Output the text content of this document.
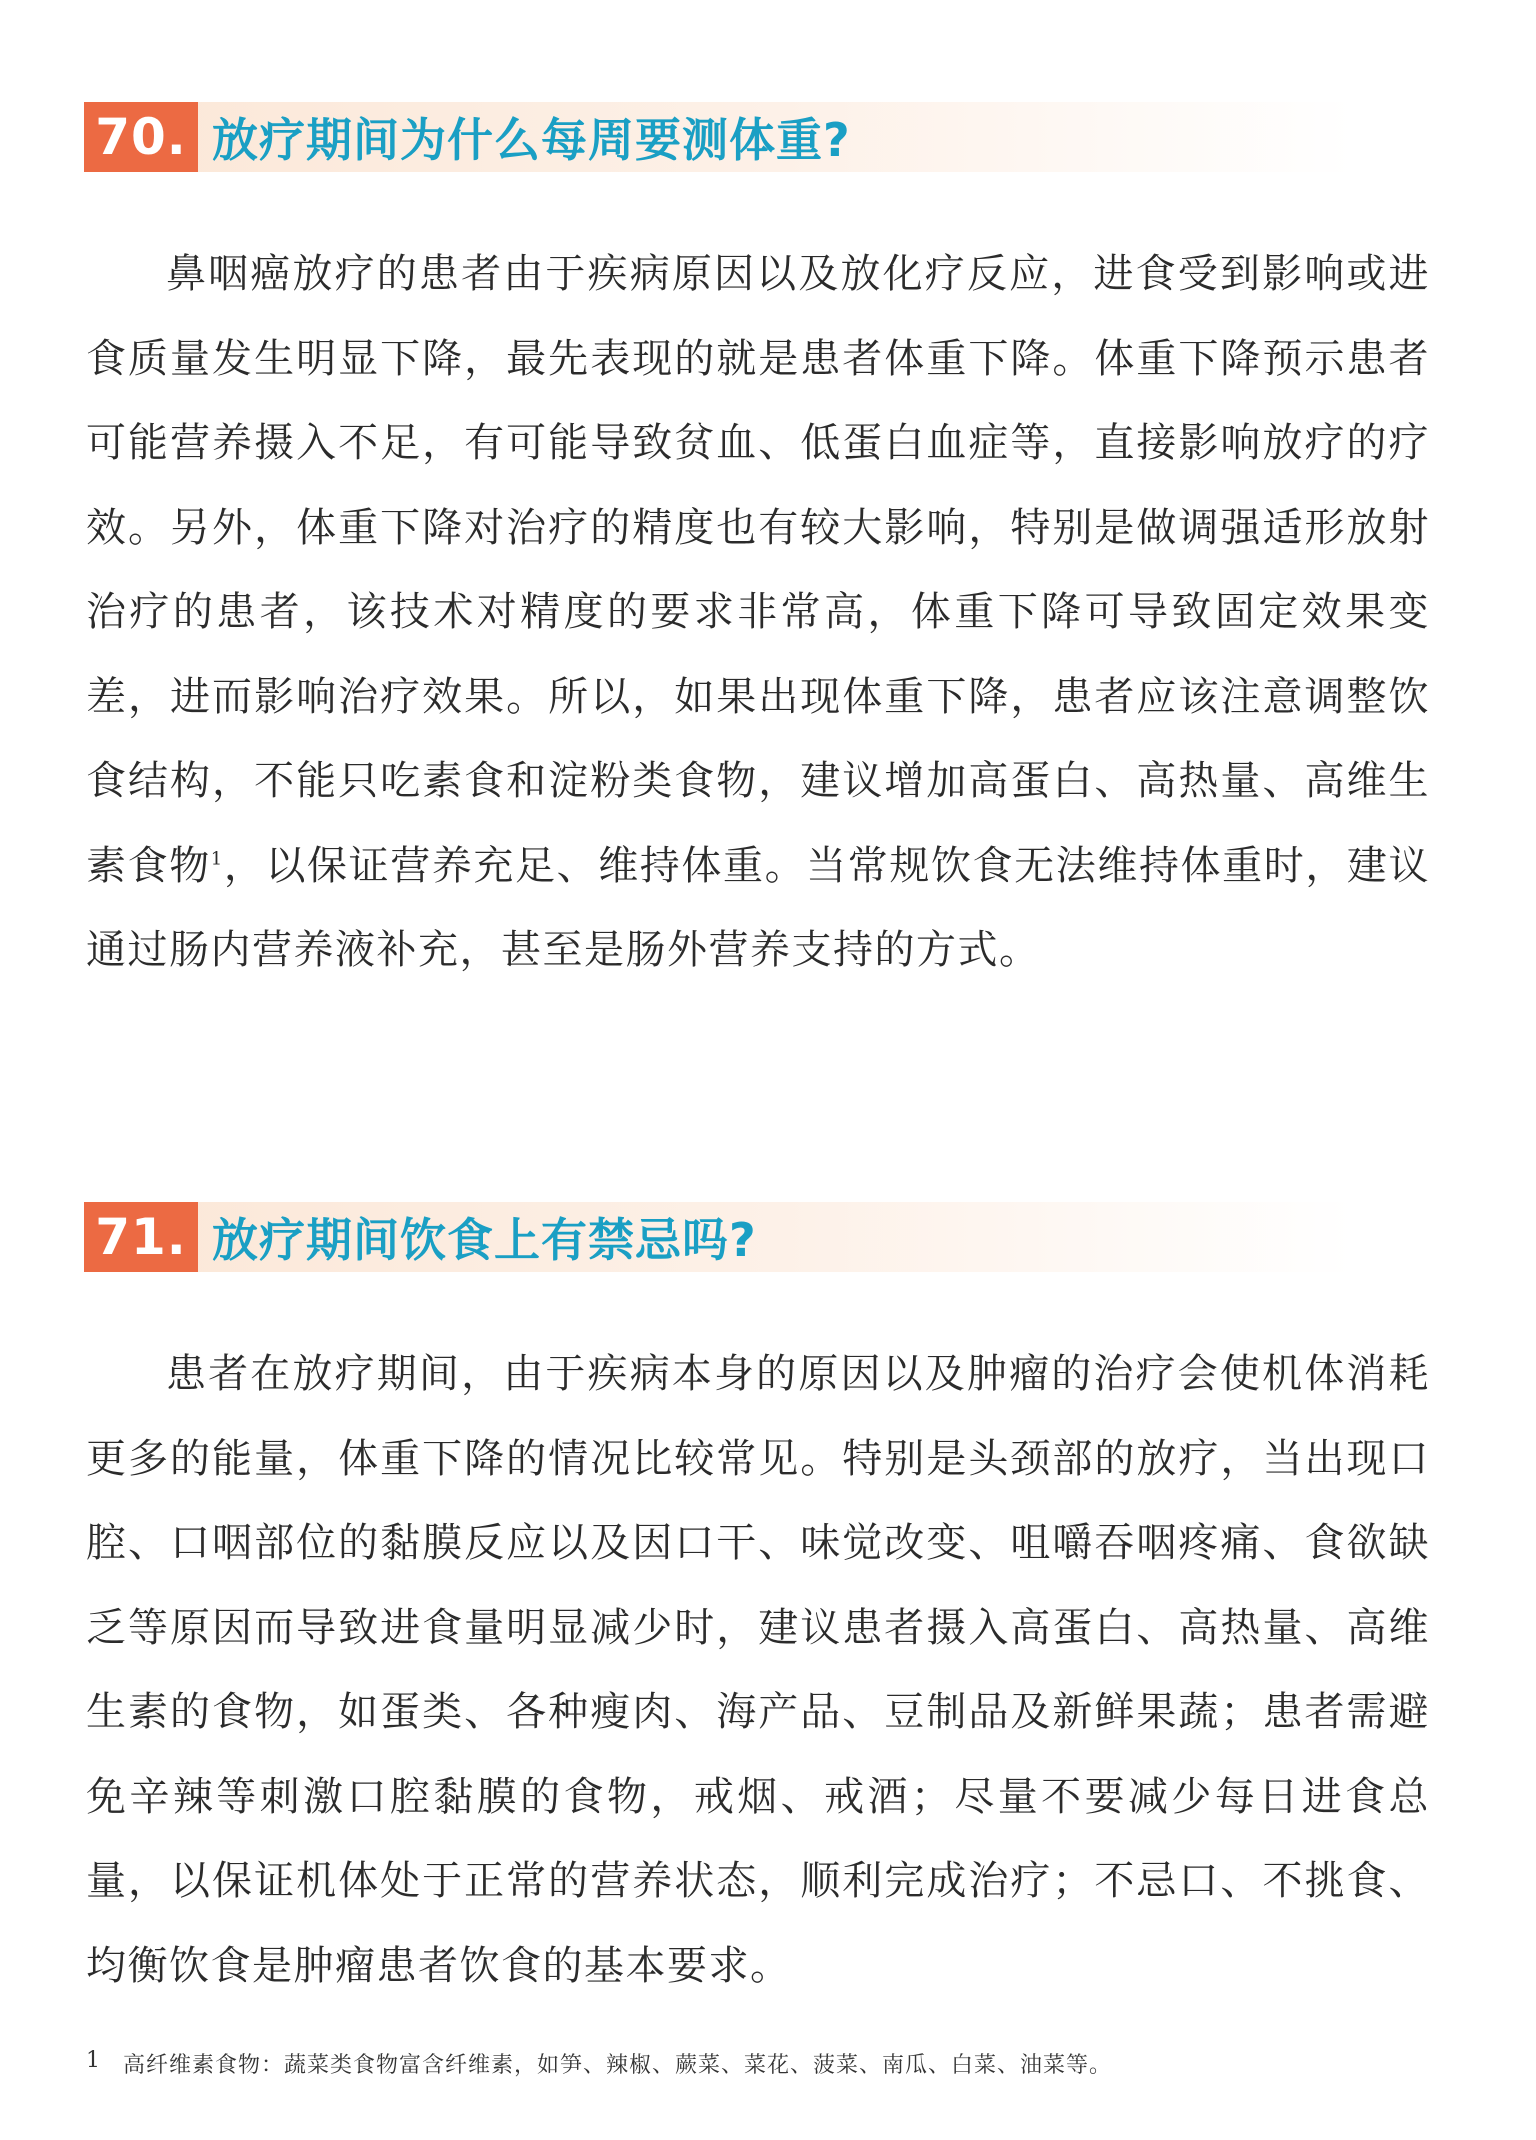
70. 放疗期间为什么每周要测体重?

鼻咽癌放疗的患者由于疾病原因以及放化疗反应，进食受到影响或进食质量发生明显下降，最先表现的就是患者体重下降。体重下降预示患者可能营养摄入不足，有可能导致贫血、低蛋白血症等，直接影响放疗的疗效。另外，体重下降对治疗的精度也有较大影响，特别是做调强适形放射治疗的患者，该技术对精度的要求非常高，体重下降可导致固定效果变差，进而影响治疗效果。所以，如果出现体重下降，患者应该注意调整饮食结构，不能只吃素食和淀粉类食物，建议增加高蛋白、高热量、高维生素食物$^1$，以保证营养充足、维持体重。当常规饮食无法维持体重时，建议通过肠内营养液补充，甚至是肠外营养支持的方式。

71. 放疗期间饮食上有禁忌吗?

患者在放疗期间，由于疾病本身的原因以及肿瘤的治疗会使机体消耗更多的能量，体重下降的情况比较常见。特别是头颈部的放疗，当出现口腔、口咽部位的黏膜反应以及因口干、味觉改变、咀嚼吞咽疼痛、食欲缺乏等原因而导致进食量明显减少时，建议患者摄入高蛋白、高热量、高维生素的食物，如蛋类、各种瘦肉、海产品、豆制品及新鲜果蔬；患者需避免辛辣等刺激口腔黏膜的食物，戒烟、戒酒；尽量不要减少每日进食总量，以保证机体处于正常的营养状态，顺利完成治疗；不忌口、不挑食、均衡饮食是肿瘤患者饮食的基本要求。

1 高纤维素食物：蔬菜类食物富含纤维素，如笋、辣椒、蕨菜、菜花、菠菜、南瓜、白菜、油菜等。
